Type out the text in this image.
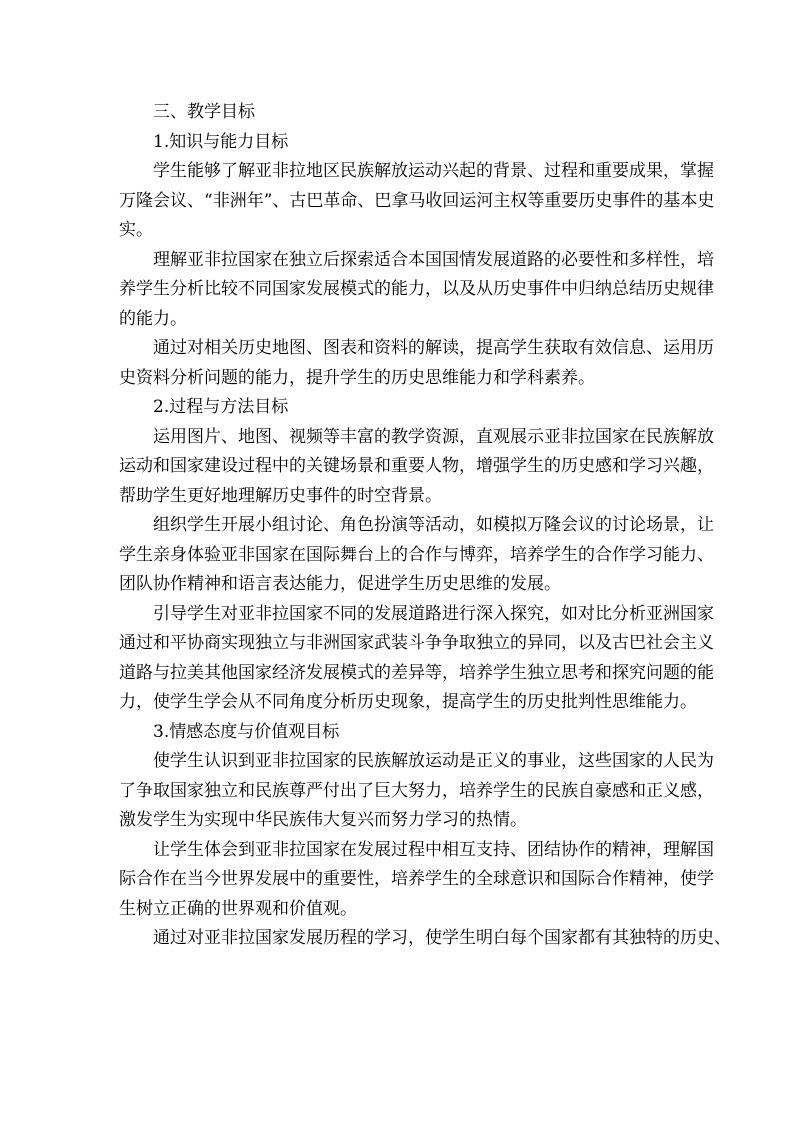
三、教学目标
1.知识与能力目标
学生能够了解亚非拉地区民族解放运动兴起的背景、过程和重要成果，掌握
万隆会议、“非洲年”、古巴革命、巴拿马收回运河主权等重要历史事件的基本史
实。
理解亚非拉国家在独立后探索适合本国国情发展道路的必要性和多样性，培
养学生分析比较不同国家发展模式的能力，以及从历史事件中归纳总结历史规律
的能力。
通过对相关历史地图、图表和资料的解读，提高学生获取有效信息、运用历
史资料分析问题的能力，提升学生的历史思维能力和学科素养。
2.过程与方法目标
运用图片、地图、视频等丰富的教学资源，直观展示亚非拉国家在民族解放
运动和国家建设过程中的关键场景和重要人物，增强学生的历史感和学习兴趣，
帮助学生更好地理解历史事件的时空背景。
组织学生开展小组讨论、角色扮演等活动，如模拟万隆会议的讨论场景，让
学生亲身体验亚非国家在国际舞台上的合作与博弈，培养学生的合作学习能力、
团队协作精神和语言表达能力，促进学生历史思维的发展。
引导学生对亚非拉国家不同的发展道路进行深入探究，如对比分析亚洲国家
通过和平协商实现独立与非洲国家武装斗争争取独立的异同，以及古巴社会主义
道路与拉美其他国家经济发展模式的差异等，培养学生独立思考和探究问题的能
力，使学生学会从不同角度分析历史现象，提高学生的历史批判性思维能力。
3.情感态度与价值观目标
使学生认识到亚非拉国家的民族解放运动是正义的事业，这些国家的人民为
了争取国家独立和民族尊严付出了巨大努力，培养学生的民族自豪感和正义感，
激发学生为实现中华民族伟大复兴而努力学习的热情。
让学生体会到亚非拉国家在发展过程中相互支持、团结协作的精神，理解国
际合作在当今世界发展中的重要性，培养学生的全球意识和国际合作精神，使学
生树立正确的世界观和价值观。
通过对亚非拉国家发展历程的学习，使学生明白每个国家都有其独特的历史、
